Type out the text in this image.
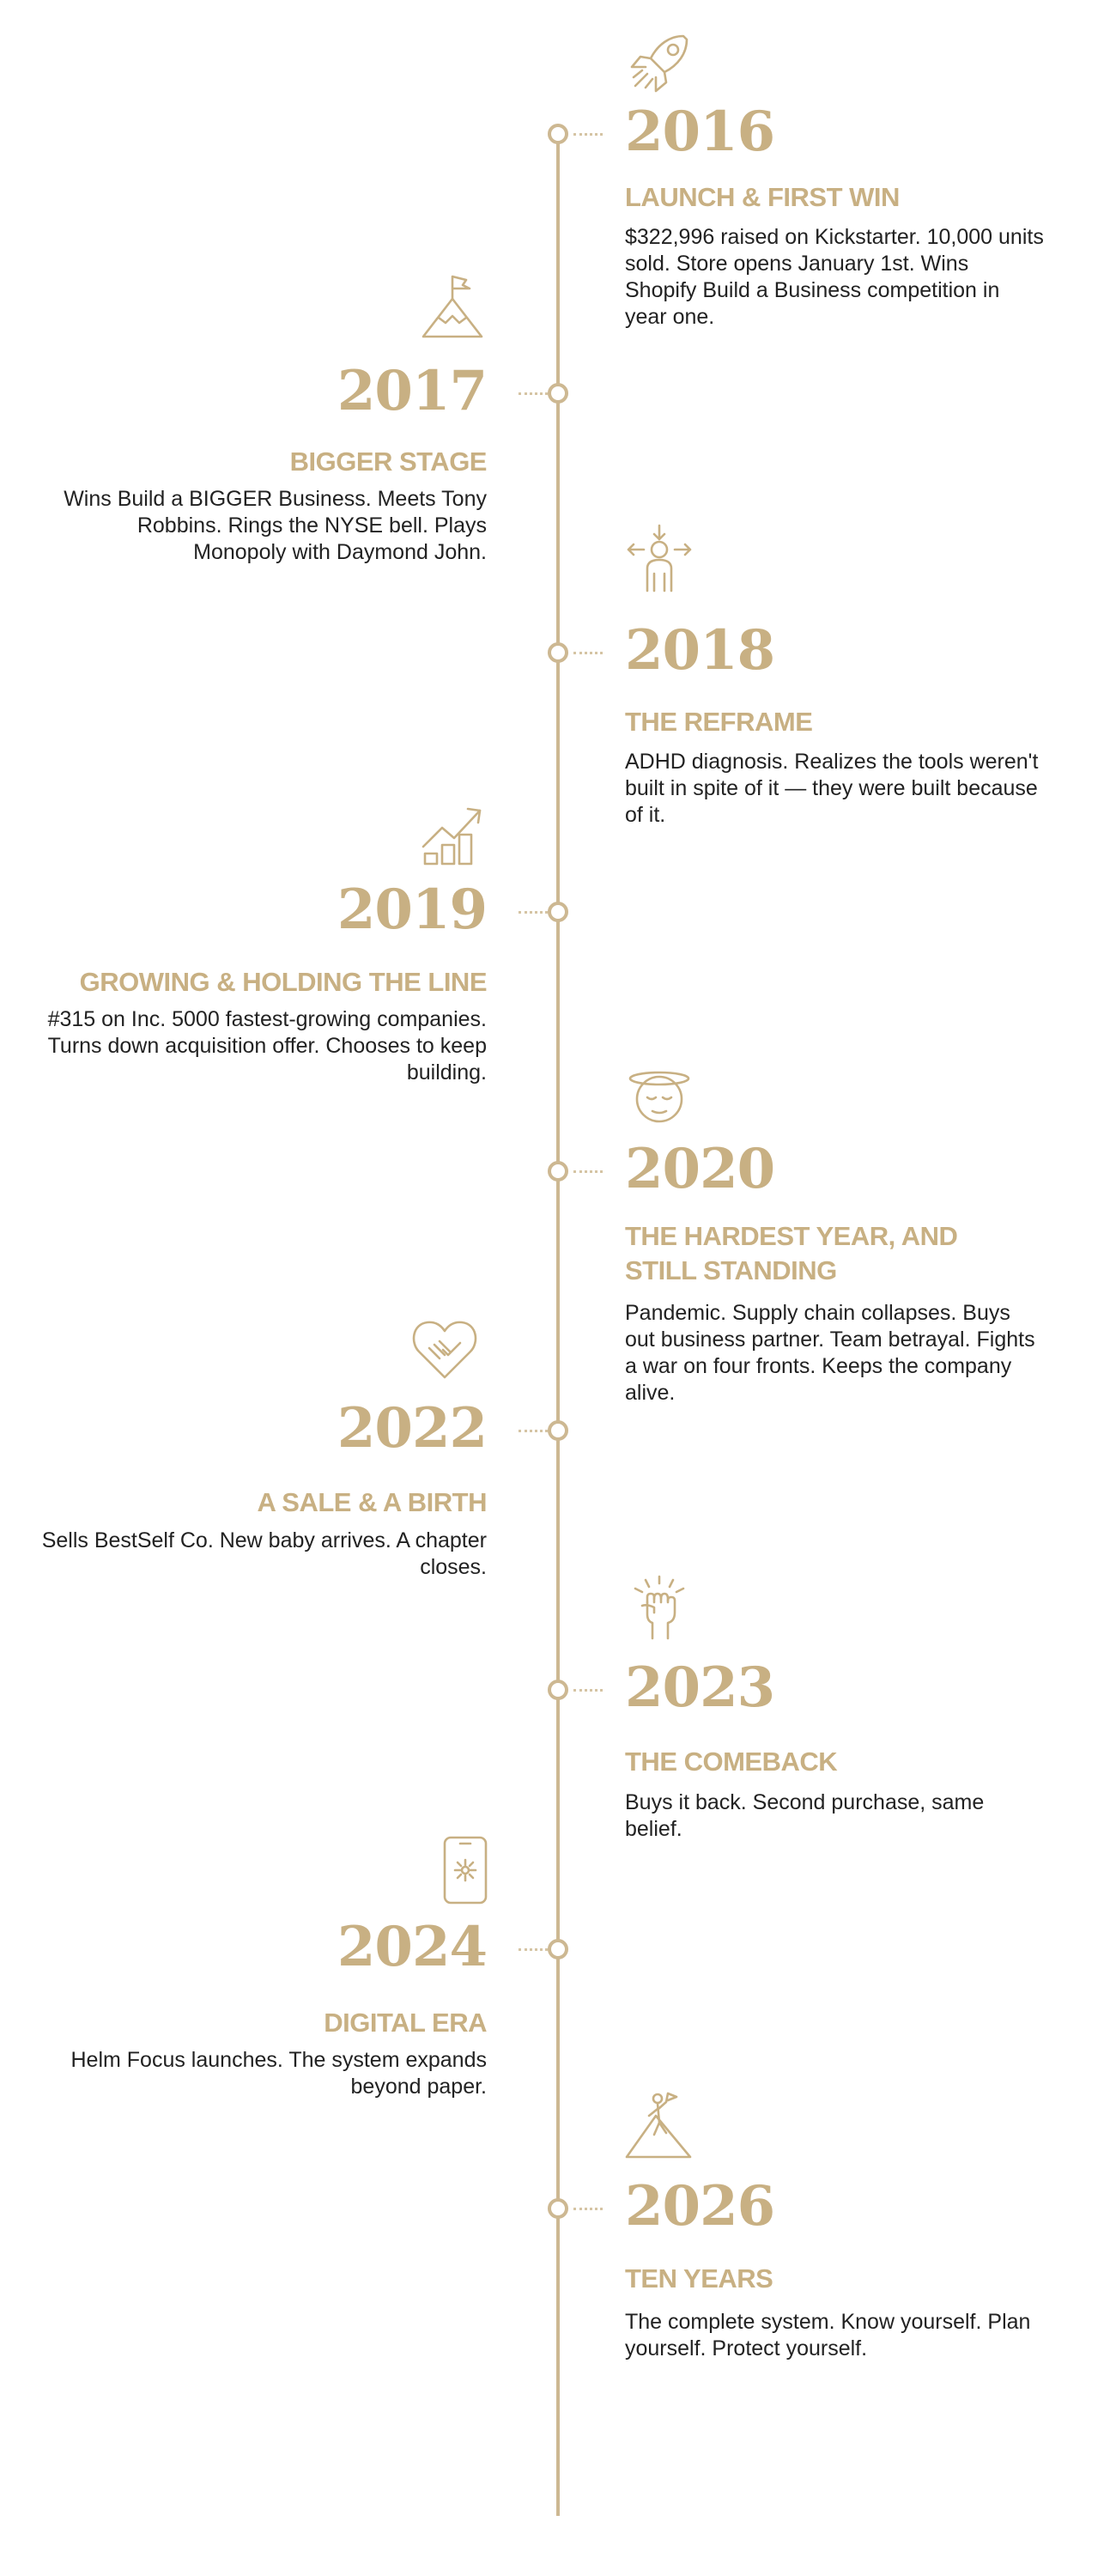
2016
LAUNCH & FIRST WIN
$322,996 raised on Kickstarter. 10,000 units sold. Store opens January 1st. Wins Shopify Build a Business competition in year one.
2017
BIGGER STAGE
Wins Build a BIGGER Business. Meets Tony Robbins. Rings the NYSE bell. Plays Monopoly with Daymond John.
2018
THE REFRAME
ADHD diagnosis. Realizes the tools weren't built in spite of it — they were built because of it.
2019
GROWING & HOLDING THE LINE
#315 on Inc. 5000 fastest-growing companies. Turns down acquisition offer. Chooses to keep building.
2020
THE HARDEST YEAR, AND STILL STANDING
Pandemic. Supply chain collapses. Buys out business partner. Team betrayal. Fights a war on four fronts. Keeps the company alive.
2022
A SALE & A BIRTH
Sells BestSelf Co. New baby arrives. A chapter closes.
2023
THE COMEBACK
Buys it back. Second purchase, same belief.
2024
DIGITAL ERA
Helm Focus launches. The system expands beyond paper.
2026
TEN YEARS
The complete system. Know yourself. Plan yourself. Protect yourself.
